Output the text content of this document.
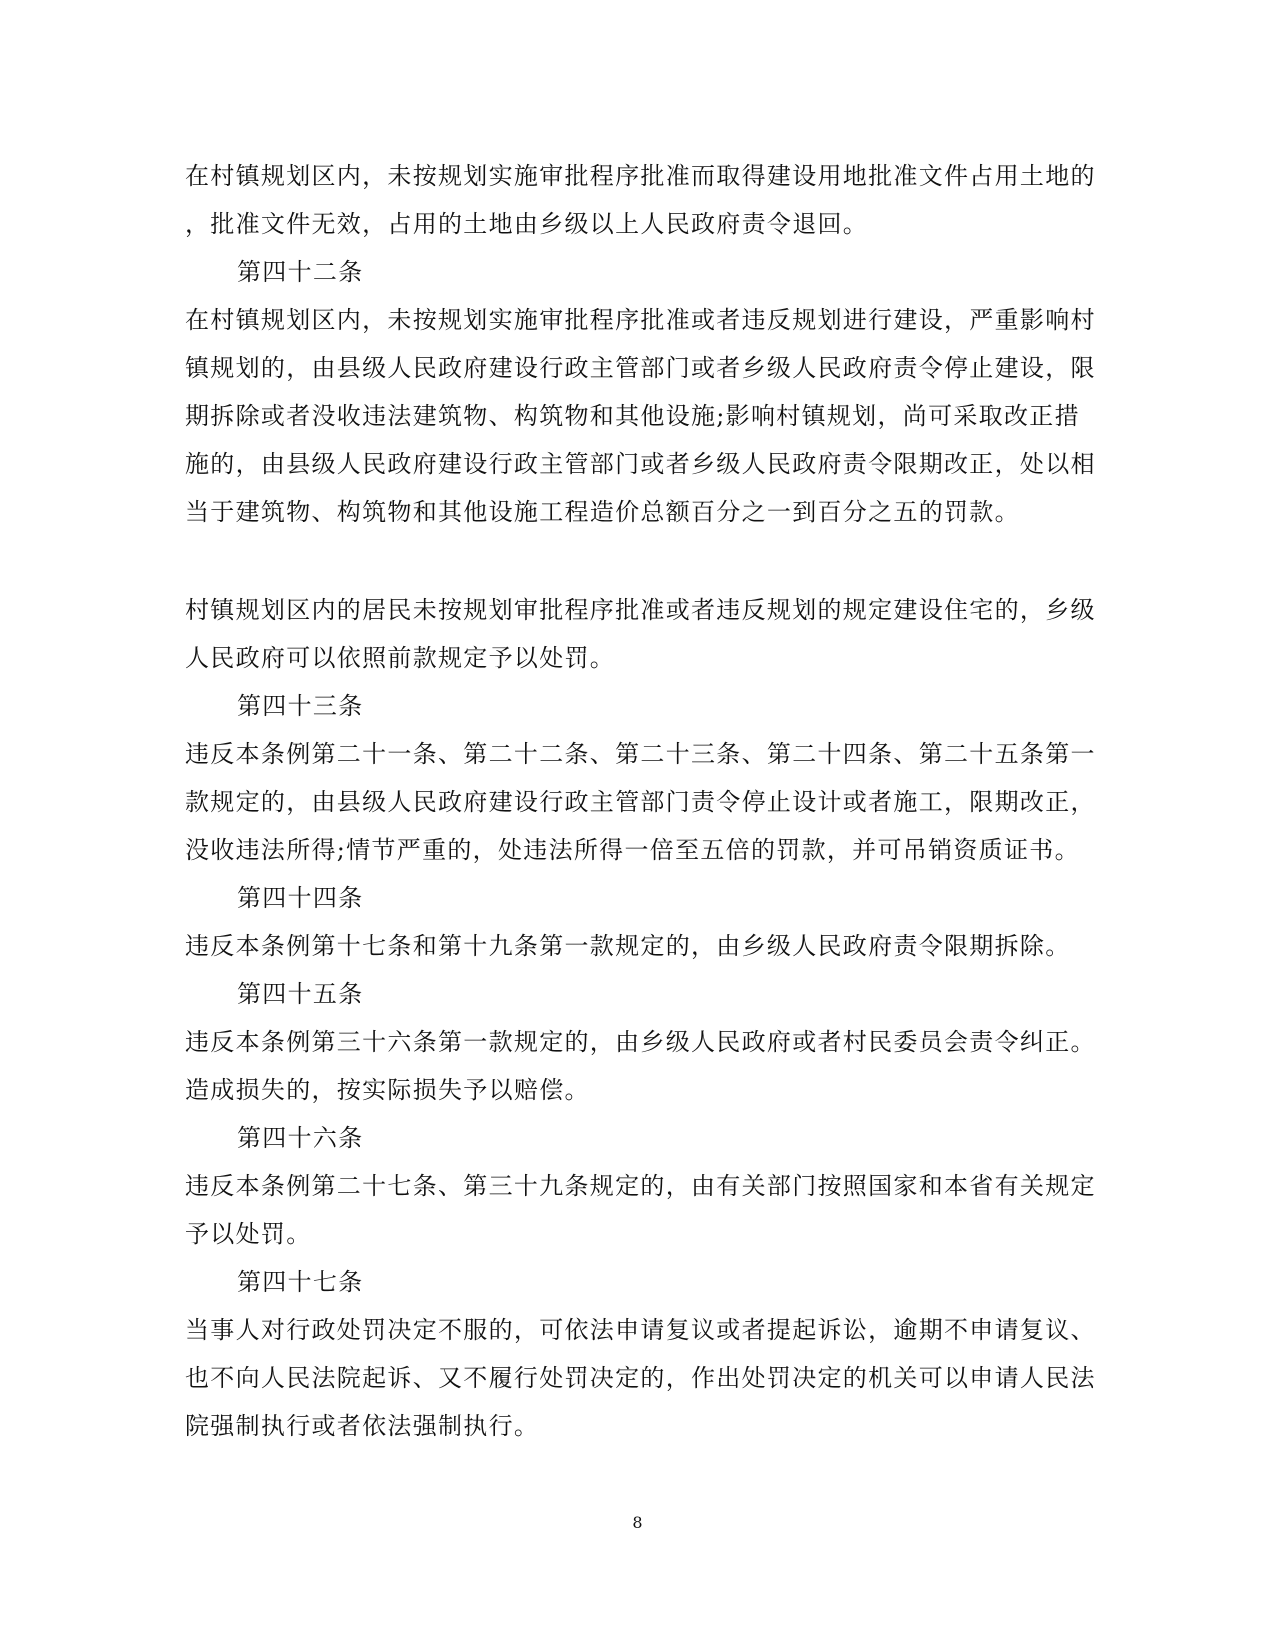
在村镇规划区内，未按规划实施审批程序批准而取得建设用地批准文件占用土地的
，批准文件无效，占用的土地由乡级以上人民政府责令退回。
第四十二条
在村镇规划区内，未按规划实施审批程序批准或者违反规划进行建设，严重影响村
镇规划的，由县级人民政府建设行政主管部门或者乡级人民政府责令停止建设，限
期拆除或者没收违法建筑物、构筑物和其他设施;影响村镇规划，尚可采取改正措
施的，由县级人民政府建设行政主管部门或者乡级人民政府责令限期改正，处以相
当于建筑物、构筑物和其他设施工程造价总额百分之一到百分之五的罚款。
村镇规划区内的居民未按规划审批程序批准或者违反规划的规定建设住宅的，乡级
人民政府可以依照前款规定予以处罚。
第四十三条
违反本条例第二十一条、第二十二条、第二十三条、第二十四条、第二十五条第一
款规定的，由县级人民政府建设行政主管部门责令停止设计或者施工，限期改正，
没收违法所得;情节严重的，处违法所得一倍至五倍的罚款，并可吊销资质证书。
第四十四条
违反本条例第十七条和第十九条第一款规定的，由乡级人民政府责令限期拆除。
第四十五条
违反本条例第三十六条第一款规定的，由乡级人民政府或者村民委员会责令纠正。
造成损失的，按实际损失予以赔偿。
第四十六条
违反本条例第二十七条、第三十九条规定的，由有关部门按照国家和本省有关规定
予以处罚。
第四十七条
当事人对行政处罚决定不服的，可依法申请复议或者提起诉讼，逾期不申请复议、
也不向人民法院起诉、又不履行处罚决定的，作出处罚决定的机关可以申请人民法
院强制执行或者依法强制执行。
8
